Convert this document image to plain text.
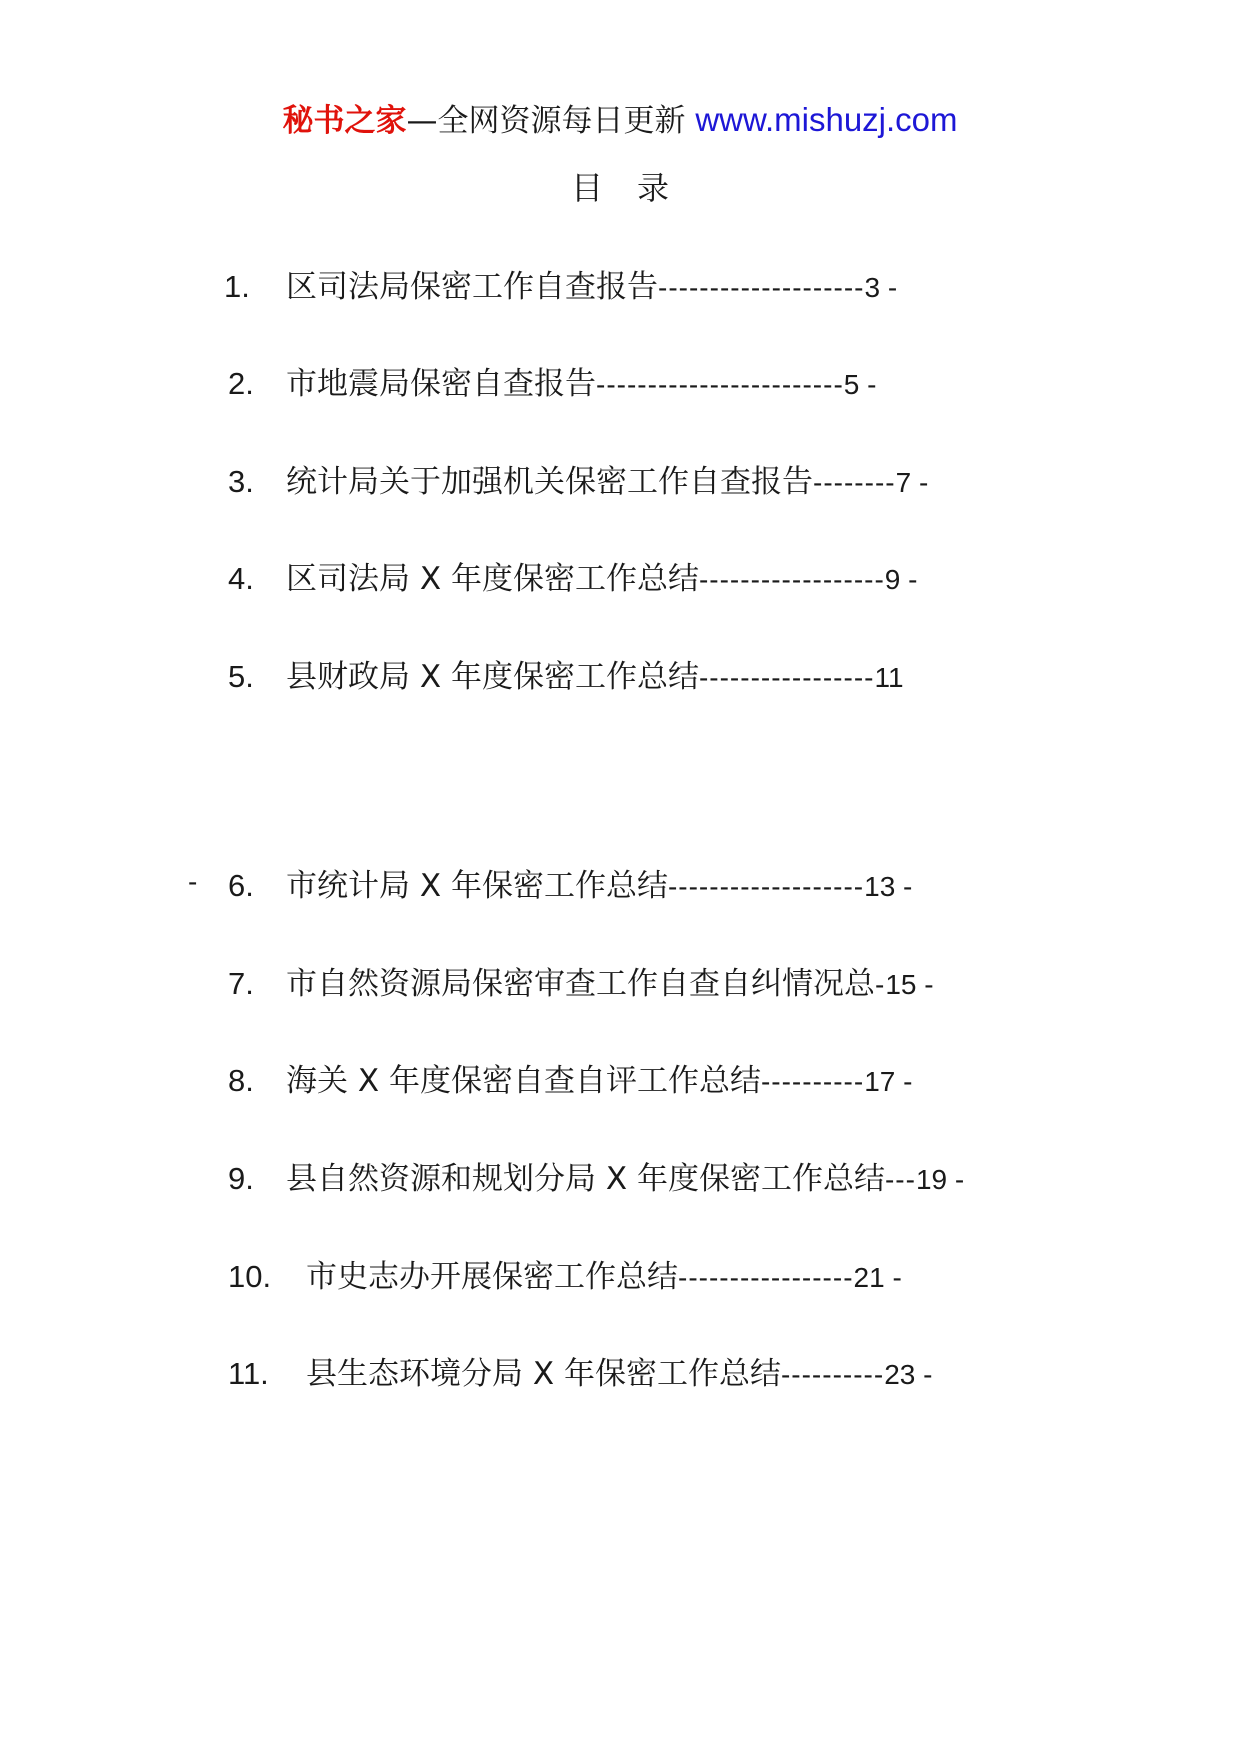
秘书之家—全网资源每日更新 www.mishuzj.com
目录
1. 区司法局保密工作自查报告--------------------3 -
2. 市地震局保密自查报告------------------------5 -
3. 统计局关于加强机关保密工作自查报告--------7 -
4. 区司法局 X 年度保密工作总结------------------9 -
5. 县财政局 X 年度保密工作总结-----------------11
- 6. 市统计局 X 年保密工作总结-------------------13 -
7. 市自然资源局保密审查工作自查自纠情况总-15 -
8. 海关 X 年度保密自查自评工作总结----------17 -
9. 县自然资源和规划分局 X 年度保密工作总结---19 -
10. 市史志办开展保密工作总结-----------------21 -
11. 县生态环境分局 X 年保密工作总结----------23 -
